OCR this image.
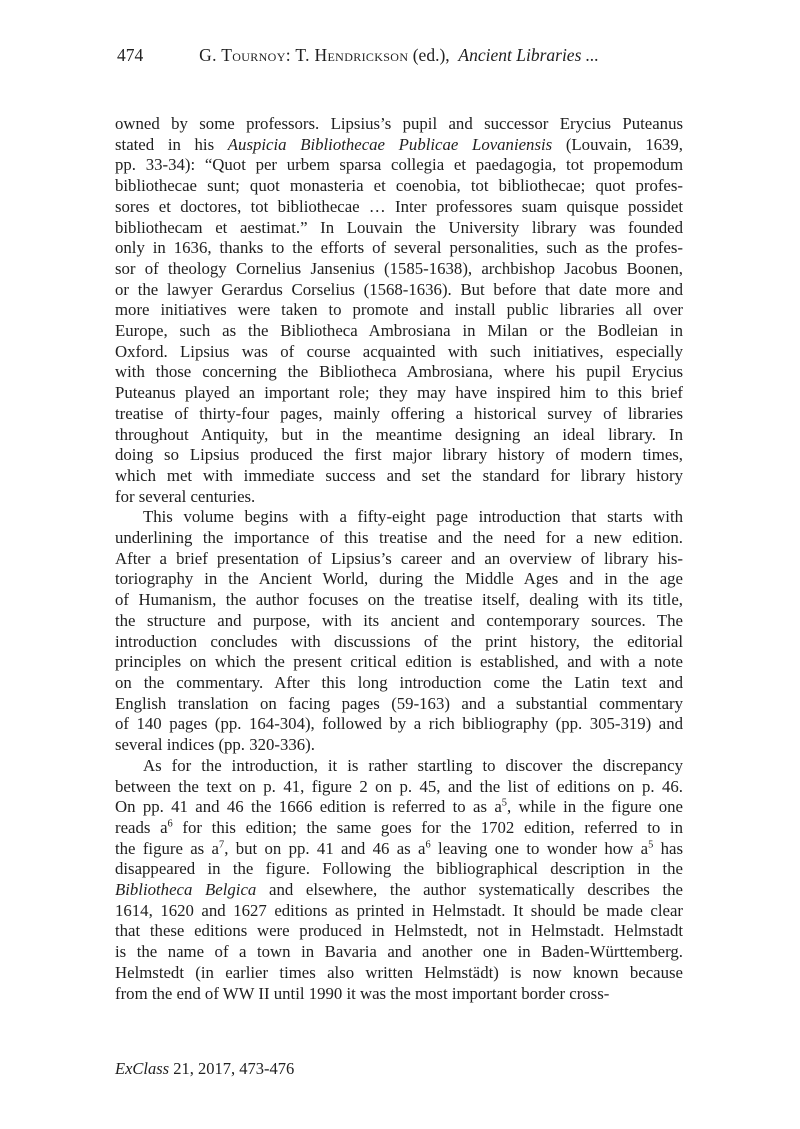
474	G. Tournoy: T. Hendrickson (ed.), Ancient Libraries ...
owned by some professors. Lipsius’s pupil and successor Erycius Puteanus
stated in his Auspicia Bibliothecae Publicae Lovaniensis (Louvain, 1639,
pp. 33-34): “Quot per urbem sparsa collegia et paedagogia, tot propemodum
bibliothecae sunt; quot monasteria et coenobia, tot bibliothecae; quot profes-
sores et doctores, tot bibliothecae … Inter professores suam quisque possidet
bibliothecam et aestimat.” In Louvain the University library was founded
only in 1636, thanks to the efforts of several personalities, such as the profes-
sor of theology Cornelius Jansenius (1585-1638), archbishop Jacobus Boonen,
or the lawyer Gerardus Corselius (1568-1636). But before that date more and
more initiatives were taken to promote and install public libraries all over
Europe, such as the Bibliotheca Ambrosiana in Milan or the Bodleian in
Oxford. Lipsius was of course acquainted with such initiatives, especially
with those concerning the Bibliotheca Ambrosiana, where his pupil Erycius
Puteanus played an important role; they may have inspired him to this brief
treatise of thirty-four pages, mainly offering a historical survey of libraries
throughout Antiquity, but in the meantime designing an ideal library. In
doing so Lipsius produced the first major library history of modern times,
which met with immediate success and set the standard for library history
for several centuries.
This volume begins with a fifty-eight page introduction that starts with
underlining the importance of this treatise and the need for a new edition.
After a brief presentation of Lipsius’s career and an overview of library his-
toriography in the Ancient World, during the Middle Ages and in the age
of Humanism, the author focuses on the treatise itself, dealing with its title,
the structure and purpose, with its ancient and contemporary sources. The
introduction concludes with discussions of the print history, the editorial
principles on which the present critical edition is established, and with a note
on the commentary. After this long introduction come the Latin text and
English translation on facing pages (59-163) and a substantial commentary
of 140 pages (pp. 164-304), followed by a rich bibliography (pp. 305-319) and
several indices (pp. 320-336).
As for the introduction, it is rather startling to discover the discrepancy
between the text on p. 41, figure 2 on p. 45, and the list of editions on p. 46.
On pp. 41 and 46 the 1666 edition is referred to as $a^5$, while in the figure one
reads $a^6$ for this edition; the same goes for the 1702 edition, referred to in
the figure as $a^7$, but on pp. 41 and 46 as $a^6$ leaving one to wonder how $a^5$ has
disappeared in the figure. Following the bibliographical description in the
Bibliotheca Belgica and elsewhere, the author systematically describes the
1614, 1620 and 1627 editions as printed in Helmstadt. It should be made clear
that these editions were produced in Helmstedt, not in Helmstadt. Helmstadt
is the name of a town in Bavaria and another one in Baden-Württemberg.
Helmstedt (in earlier times also written Helmstädt) is now known because
from the end of WW II until 1990 it was the most important border cross-
ExClass 21, 2017, 473-476
